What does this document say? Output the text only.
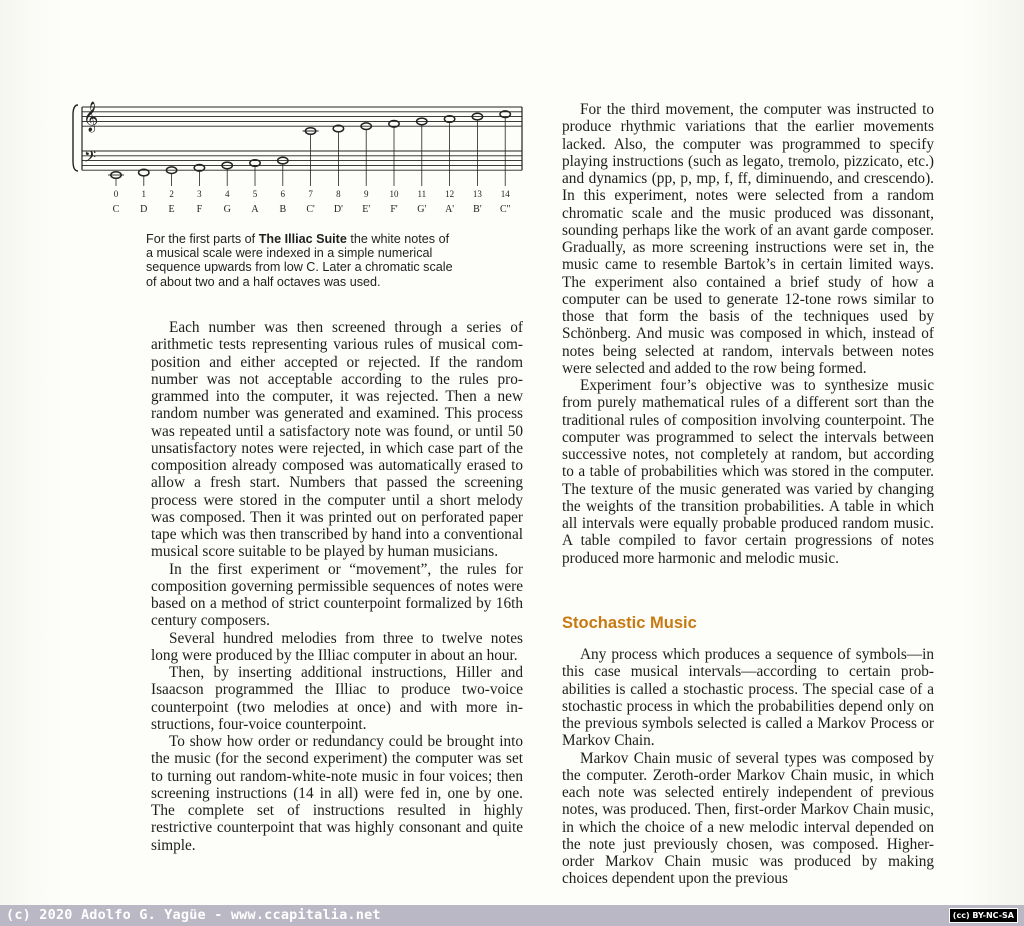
𝄞
𝄢
0
C
1
D
2
E
3
F
4
G
5
A
6
B
7
C'
8
D'
9
E'
10
F'
11
G'
12
A'
13
B'
14
C''
For the first parts of The Illiac Suite the white notes of a musical scale were indexed in a simple numerical sequence upwards from low C. Later a chromatic scale of about two and a half octaves was used.

Each number was then screened through a series of arithmetic tests representing various rules of musical composition and either accepted or rejected. If the random number was not acceptable according to the rules programmed into the computer, it was rejected. Then a new random number was generated and examined. This process was repeated until a satisfactory note was found, or until 50 unsatisfactory notes were rejected, in which case part of the composition already composed was automatically erased to allow a fresh start. Numbers that passed the screening process were stored in the computer until a short melody was composed. Then it was printed out on perforated paper tape which was then transcribed by hand into a conventional musical score suitable to be played by human musicians.

In the first experiment or “movement”, the rules for composition governing permissible sequences of notes were based on a method of strict counterpoint formalized by 16th century composers.

Several hundred melodies from three to twelve notes long were produced by the Illiac computer in about an hour.

Then, by inserting additional instructions, Hiller and Isaacson programmed the Illiac to produce two-voice counterpoint (two melodies at once) and with more instructions, four-voice counterpoint.

To show how order or redundancy could be brought into the music (for the second experiment) the computer was set to turning out random-white-note music in four voices; then screening instructions (14 in all) were fed in, one by one. The complete set of instructions resulted in highly restrictive counterpoint that was highly consonant and quite simple.

For the third movement, the computer was instructed to produce rhythmic variations that the earlier movements lacked. Also, the computer was programmed to specify playing instructions (such as legato, tremolo, pizzicato, etc.) and dynamics (pp, p, mp, f, ff, diminuendo, and crescendo). In this experiment, notes were selected from a random chromatic scale and the music produced was dissonant, sounding perhaps like the work of an avant garde composer. Gradually, as more screening instructions were set in, the music came to resemble Bartok’s in certain limited ways. The experiment also contained a brief study of how a computer can be used to generate 12-tone rows similar to those that form the basis of the techniques used by Schönberg. And music was composed in which, instead of notes being selected at random, intervals between notes were selected and added to the row being formed.

Experiment four’s objective was to synthesize music from purely mathematical rules of a different sort than the traditional rules of composition involving counterpoint. The computer was programmed to select the intervals between successive notes, not completely at random, but according to a table of probabilities which was stored in the computer. The texture of the music generated was varied by changing the weights of the transition probabilities. A table in which all intervals were equally probable produced random music. A table compiled to favor certain progressions of notes produced more harmonic and melodic music.

Stochastic Music

Any process which produces a sequence of symbols—in this case musical intervals—according to certain probabilities is called a stochastic process. The special case of a stochastic process in which the probabilities depend only on the previous symbols selected is called a Markov Process or Markov Chain.

Markov Chain music of several types was composed by the computer. Zeroth-order Markov Chain music, in which each note was selected entirely independent of previous notes, was produced. Then, first-order Markov Chain music, in which the choice of a new melodic interval depended on the note just previously chosen, was composed. Higher-order Markov Chain music was produced by making choices dependent upon the previous

(c) 2020 Adolfo G. Yagüe - www.ccapitalia.net	(cc) BY-NC-SA
